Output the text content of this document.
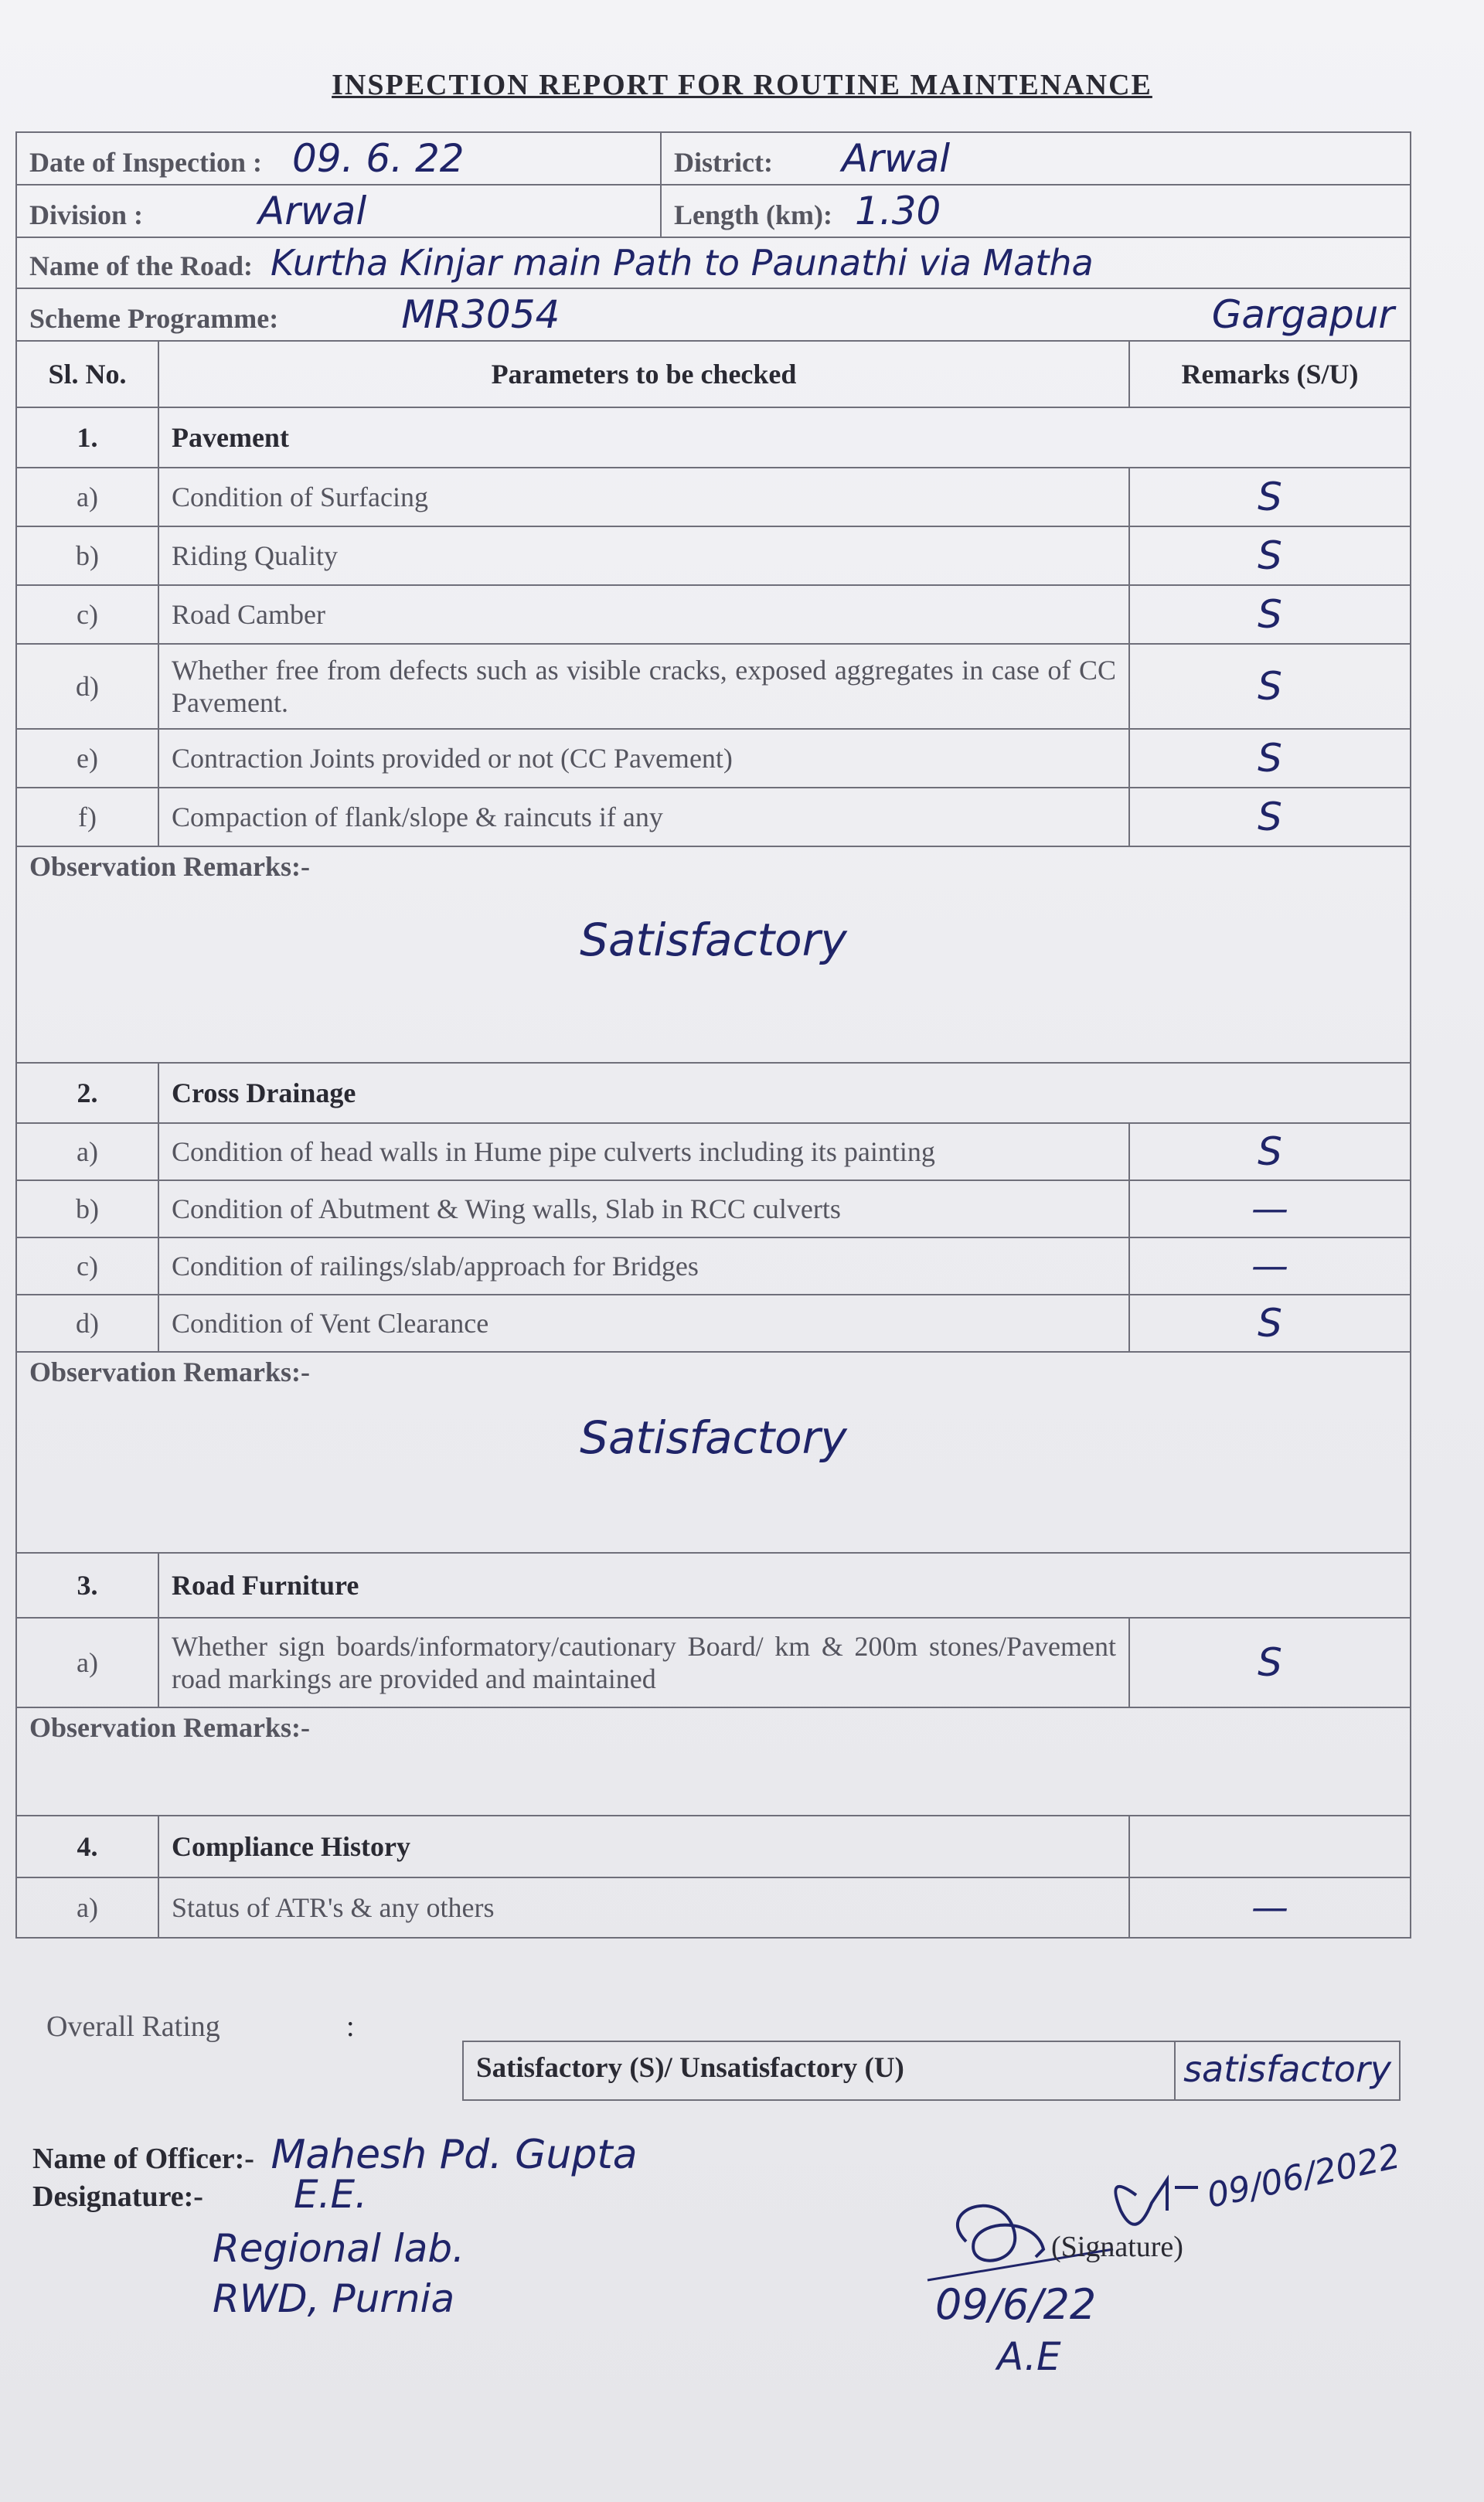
INSPECTION REPORT FOR ROUTINE MAINTENANCE
Date of Inspection : 09. 6. 22	District: Arwal
Division : Arwal	Length (km): 1.30
Name of the Road: Kurtha Kinjar main Path to Paunathi via Matha	
Scheme Programme: MR3054 Gargapur	
Sl. No.	Parameters to be checked	Remarks (S/U)
1.	Pavement	
a)	Condition of Surfacing	S
b)	Riding Quality	S
c)	Road Camber	S
d)	Whether free from defects such as visible cracks, exposed aggregates in case of CC Pavement.	S
e)	Contraction Joints provided or not (CC Pavement)	S
f)	Compaction of flank/slope & raincuts if any	S

Observation Remarks:-
Satisfactory		

2.	Cross Drainage	
a)	Condition of head walls in Hume pipe culverts including its painting	S
b)	Condition of Abutment & Wing walls, Slab in RCC culverts	—
c)	Condition of railings/slab/approach for Bridges	—
d)	Condition of Vent Clearance	S

Observation Remarks:-
Satisfactory		

3.	Road Furniture	
a)	Whether sign boards/informatory/cautionary Board/ km & 200m stones/Pavement road markings are provided and maintained	S

Observation Remarks:-		

4.	Compliance History	
a)	Status of ATR's & any others	—
Overall Rating	:
Satisfactory (S)/ Unsatisfactory (U)	satisfactory
Name of Officer:- Mahesh Pd. Gupta
Designature:-	E.E.
Regional lab.
RWD, Purnia
09/06/2022
(Signature)
09/6/22
A.E
